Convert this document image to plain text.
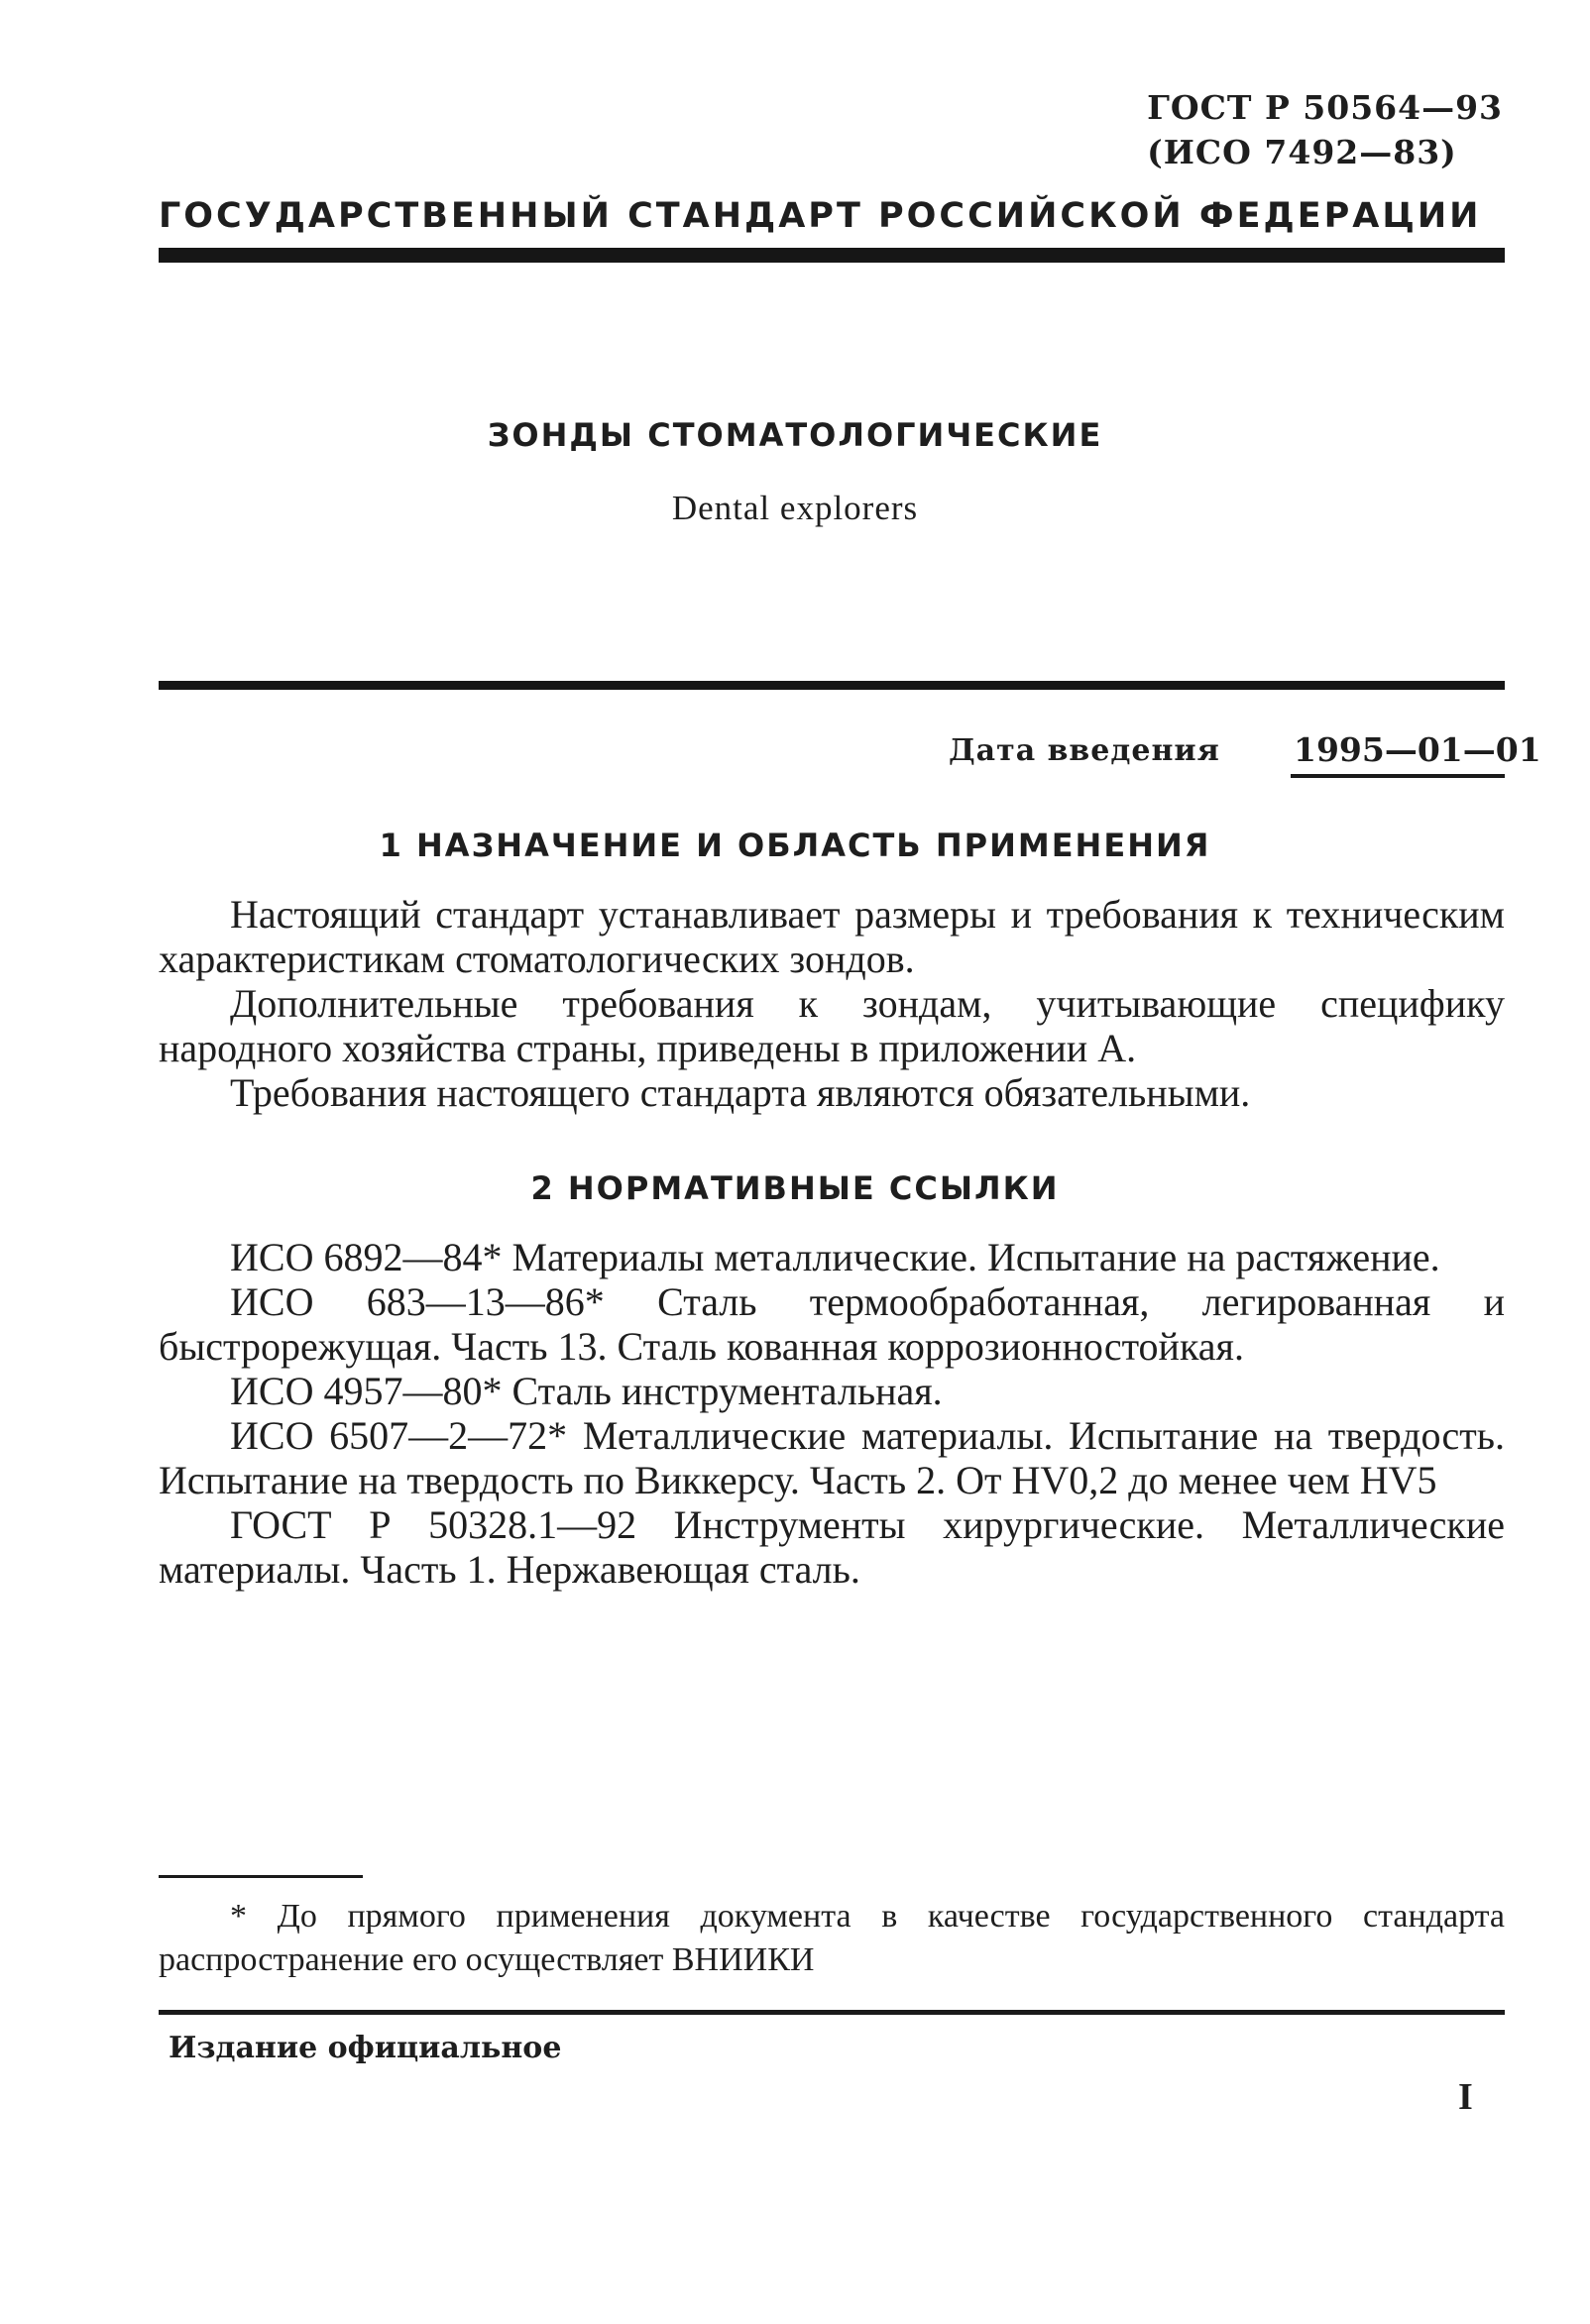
ГОСТ Р 50564—93
(ИСО 7492—83)
ГОСУДАРСТВЕННЫЙ СТАНДАРТ РОССИЙСКОЙ ФЕДЕРАЦИИ
ЗОНДЫ СТОМАТОЛОГИЧЕСКИЕ
Dental explorers
Дата введения 1995—01—01
1 НАЗНАЧЕНИЕ И ОБЛАСТЬ ПРИМЕНЕНИЯ

Настоящий стандарт устанавливает размеры и требования к техническим характеристикам стоматологических зондов.

Дополнительные требования к зондам, учитывающие специфику народного хозяйства страны, приведены в приложении А.

Требования настоящего стандарта являются обязательными.

2 НОРМАТИВНЫЕ ССЫЛКИ

ИСО 6892—84* Материалы металлические. Испытание на растяжение.

ИСО 683—13—86* Сталь термообработанная, легированная и быстрорежущая. Часть 13. Сталь кованная коррозионностойкая.

ИСО 4957—80* Сталь инструментальная.

ИСО 6507—2—72* Металлические материалы. Испытание на твердость. Испытание на твердость по Виккерсу. Часть 2. От HV0,2 до менее чем HV5

ГОСТ Р 50328.1—92 Инструменты хирургические. Металлические материалы. Часть 1. Нержавеющая сталь.

* До прямого применения документа в качестве государственного стандарта распространение его осуществляет ВНИИКИ

Издание официальное
I
